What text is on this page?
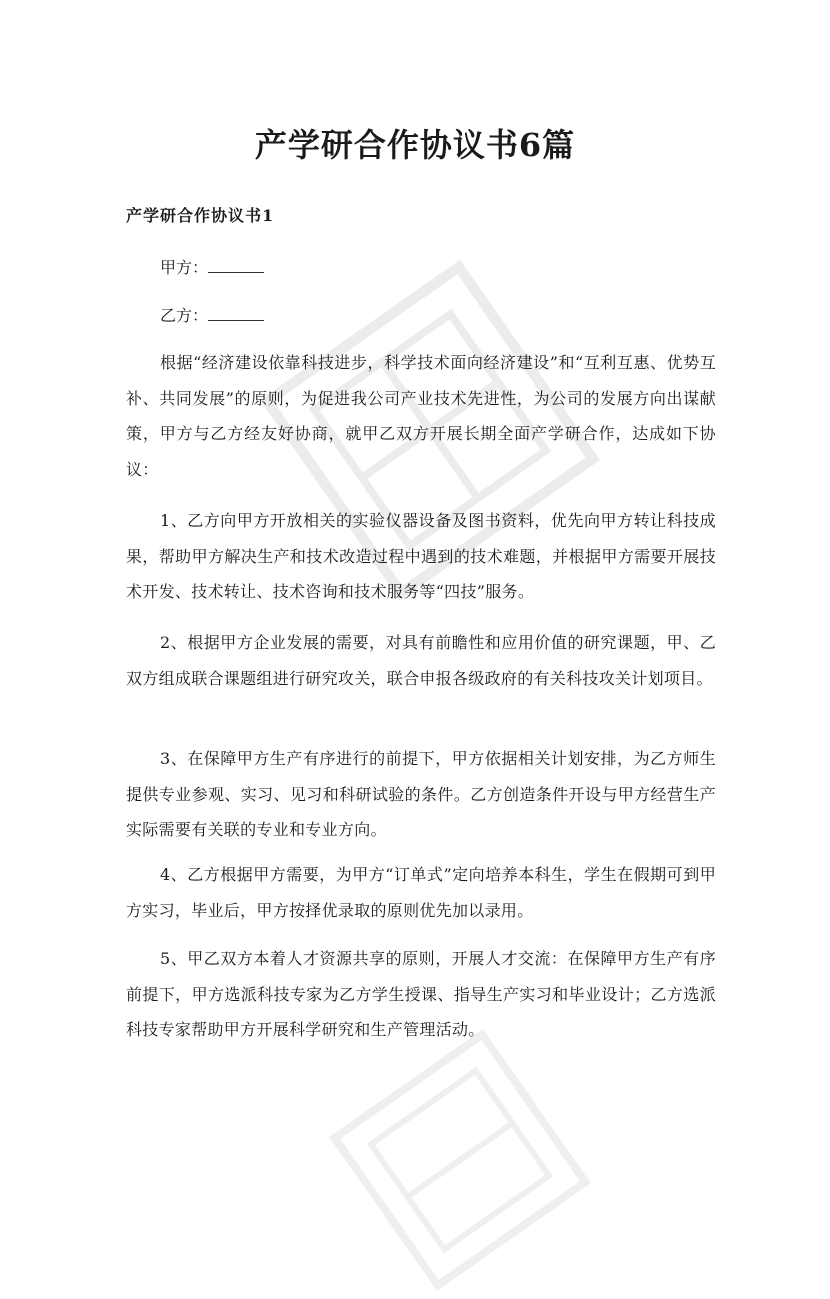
产学研合作协议书6篇
产学研合作协议书1
甲方：
乙方：
根据“经济建设依靠科技进步，科学技术面向经济建设”和“互利互惠、优势互补、共同发展”的原则，为促进我公司产业技术先进性，为公司的发展方向出谋献策，甲方与乙方经友好协商，就甲乙双方开展长期全面产学研合作，达成如下协议：
1、乙方向甲方开放相关的实验仪器设备及图书资料，优先向甲方转让科技成果，帮助甲方解决生产和技术改造过程中遇到的技术难题，并根据甲方需要开展技术开发、技术转让、技术咨询和技术服务等“四技”服务。
2、根据甲方企业发展的需要，对具有前瞻性和应用价值的研究课题，甲、乙双方组成联合课题组进行研究攻关，联合申报各级政府的有关科技攻关计划项目。
3、在保障甲方生产有序进行的前提下，甲方依据相关计划安排，为乙方师生提供专业参观、实习、见习和科研试验的条件。乙方创造条件开设与甲方经营生产实际需要有关联的专业和专业方向。
4、乙方根据甲方需要，为甲方“订单式”定向培养本科生，学生在假期可到甲方实习，毕业后，甲方按择优录取的原则优先加以录用。
5、甲乙双方本着人才资源共享的原则，开展人才交流：在保障甲方生产有序前提下，甲方选派科技专家为乙方学生授课、指导生产实习和毕业设计；乙方选派科技专家帮助甲方开展科学研究和生产管理活动。
